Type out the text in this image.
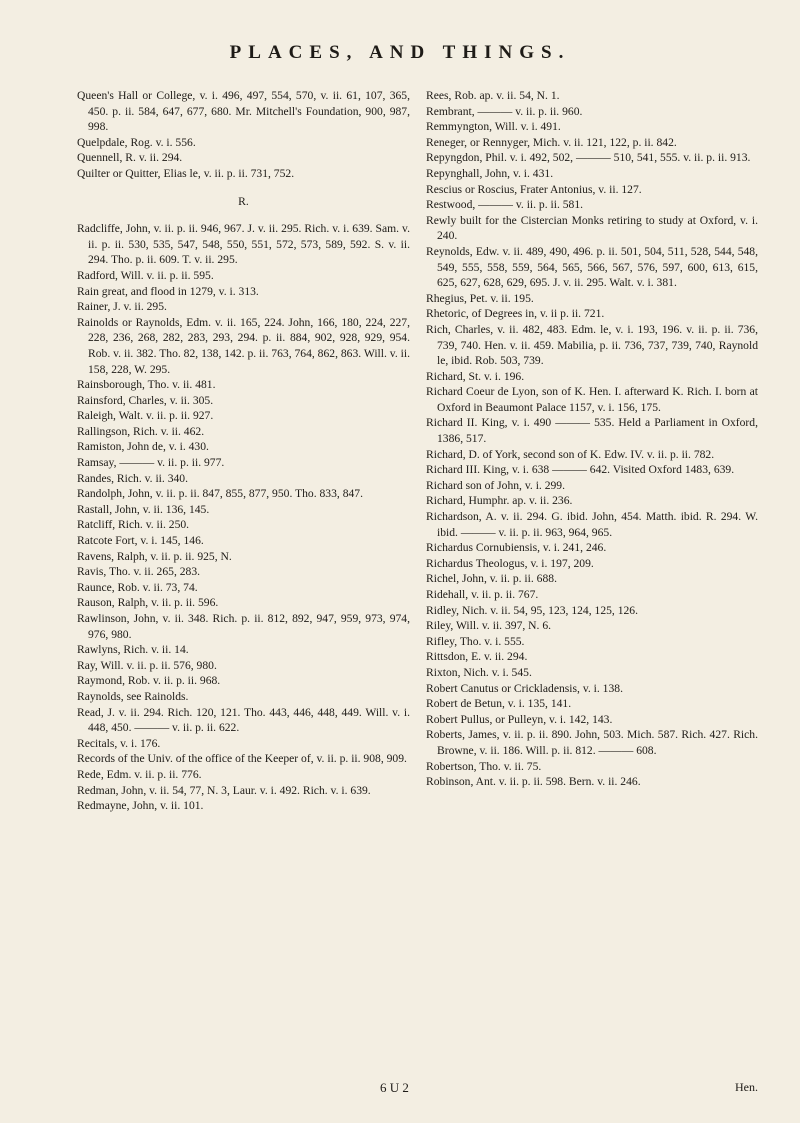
PLACES, AND THINGS.

Queen's Hall or College, v. i. 496, 497, 554, 570, v. ii. 61, 107, 365, 450. p. ii. 584, 647, 677, 680. Mr. Mitchell's Foundation, 900, 987, 998.

Quelpdale, Rog. v. i. 556.

Quennell, R. v. ii. 294.

Quilter or Quitter, Elias le, v. ii. p. ii. 731, 752.

R.

Radcliffe, John, v. ii. p. ii. 946, 967. J. v. ii. 295. Rich. v. i. 639. Sam. v. ii. p. ii. 530, 535, 547, 548, 550, 551, 572, 573, 589, 592. S. v. ii. 294. Tho. p. ii. 609. T. v. ii. 295.

Radford, Will. v. ii. p. ii. 595.

Rain great, and flood in 1279, v. i. 313.

Rainer, J. v. ii. 295.

Rainolds or Raynolds, Edm. v. ii. 165, 224. John, 166, 180, 224, 227, 228, 236, 268, 282, 283, 293, 294. p. ii. 884, 902, 928, 929, 954. Rob. v. ii. 382. Tho. 82, 138, 142. p. ii. 763, 764, 862, 863. Will. v. ii. 158, 228, W. 295.

Rainsborough, Tho. v. ii. 481.

Rainsford, Charles, v. ii. 305.

Raleigh, Walt. v. ii. p. ii. 927.

Rallingson, Rich. v. ii. 462.

Ramiston, John de, v. i. 430.

Ramsay, ——— v. ii. p. ii. 977.

Randes, Rich. v. ii. 340.

Randolph, John, v. ii. p. ii. 847, 855, 877, 950. Tho. 833, 847.

Rastall, John, v. ii. 136, 145.

Ratcliff, Rich. v. ii. 250.

Ratcote Fort, v. i. 145, 146.

Ravens, Ralph, v. ii. p. ii. 925, N.

Ravis, Tho. v. ii. 265, 283.

Raunce, Rob. v. ii. 73, 74.

Rauson, Ralph, v. ii. p. ii. 596.

Rawlinson, John, v. ii. 348. Rich. p. ii. 812, 892, 947, 959, 973, 974, 976, 980.

Rawlyns, Rich. v. ii. 14.

Ray, Will. v. ii. p. ii. 576, 980.

Raymond, Rob. v. ii. p. ii. 968.

Raynolds, see Rainolds.

Read, J. v. ii. 294. Rich. 120, 121. Tho. 443, 446, 448, 449. Will. v. i. 448, 450. ——— v. ii. p. ii. 622.

Recitals, v. i. 176.

Records of the Univ. of the office of the Keeper of, v. ii. p. ii. 908, 909.

Rede, Edm. v. ii. p. ii. 776.

Redman, John, v. ii. 54, 77, N. 3, Laur. v. i. 492. Rich. v. i. 639.

Redmayne, John, v. ii. 101.

Rees, Rob. ap. v. ii. 54, N. 1.

Rembrant, ——— v. ii. p. ii. 960.

Remmyngton, Will. v. i. 491.

Reneger, or Rennyger, Mich. v. ii. 121, 122, p. ii. 842.

Repyngdon, Phil. v. i. 492, 502, ——— 510, 541, 555. v. ii. p. ii. 913.

Repynghall, John, v. i. 431.

Rescius or Roscius, Frater Antonius, v. ii. 127.

Restwood, ——— v. ii. p. ii. 581.

Rewly built for the Cistercian Monks retiring to study at Oxford, v. i. 240.

Reynolds, Edw. v. ii. 489, 490, 496. p. ii. 501, 504, 511, 528, 544, 548, 549, 555, 558, 559, 564, 565, 566, 567, 576, 597, 600, 613, 615, 625, 627, 628, 629, 695. J. v. ii. 295. Walt. v. i. 381.

Rhegius, Pet. v. ii. 195.

Rhetoric, of Degrees in, v. ii p. ii. 721.

Rich, Charles, v. ii. 482, 483. Edm. le, v. i. 193, 196. v. ii. p. ii. 736, 739, 740. Hen. v. ii. 459. Mabilia, p. ii. 736, 737, 739, 740, Raynold le, ibid. Rob. 503, 739.

Richard, St. v. i. 196.

Richard Coeur de Lyon, son of K. Hen. I. afterward K. Rich. I. born at Oxford in Beaumont Palace 1157, v. i. 156, 175.

Richard II. King, v. i. 490 ——— 535. Held a Parliament in Oxford, 1386, 517.

Richard, D. of York, second son of K. Edw. IV. v. ii. p. ii. 782.

Richard III. King, v. i. 638 ——— 642. Visited Oxford 1483, 639.

Richard son of John, v. i. 299.

Richard, Humphr. ap. v. ii. 236.

Richardson, A. v. ii. 294. G. ibid. John, 454. Matth. ibid. R. 294. W. ibid. ——— v. ii. p. ii. 963, 964, 965.

Richardus Cornubiensis, v. i. 241, 246.

Richardus Theologus, v. i. 197, 209.

Richel, John, v. ii. p. ii. 688.

Ridehall, v. ii. p. ii. 767.

Ridley, Nich. v. ii. 54, 95, 123, 124, 125, 126.

Riley, Will. v. ii. 397, N. 6.

Rifley, Tho. v. i. 555.

Rittsdon, E. v. ii. 294.

Rixton, Nich. v. i. 545.

Robert Canutus or Crickladensis, v. i. 138.

Robert de Betun, v. i. 135, 141.

Robert Pullus, or Pulleyn, v. i. 142, 143.

Roberts, James, v. ii. p. ii. 890. John, 503. Mich. 587. Rich. 427. Rich. Browne, v. ii. 186. Will. p. ii. 812. ——— 608.

Robertson, Tho. v. ii. 75.

Robinson, Ant. v. ii. p. ii. 598. Bern. v. ii. 246.

6 U 2	Hen.
